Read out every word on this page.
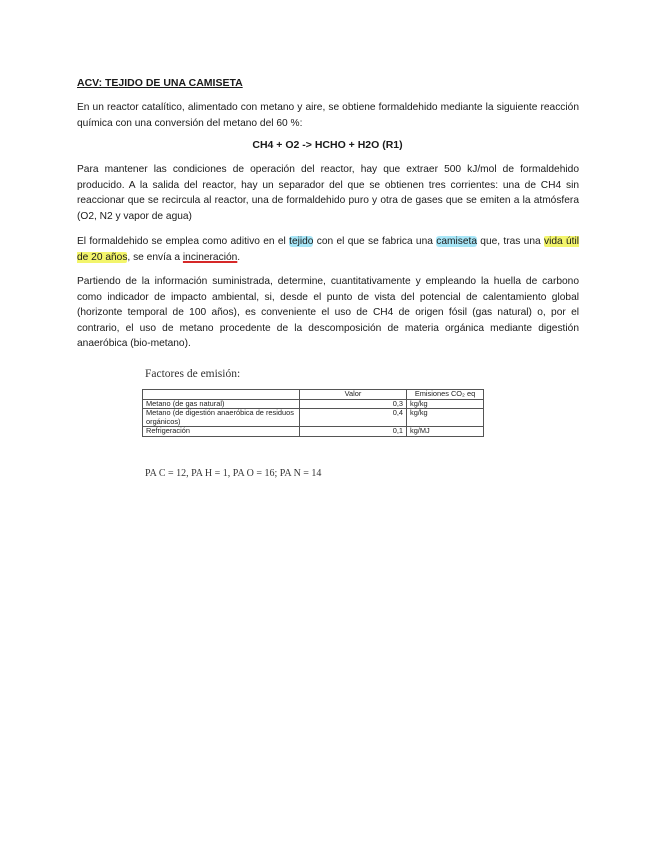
ACV: TEJIDO DE UNA CAMISETA

En un reactor catalítico, alimentado con metano y aire, se obtiene formaldehido mediante la siguiente reacción química con una conversión del metano del 60 %:

CH4 + O2 -> HCHO + H2O (R1)

Para mantener las condiciones de operación del reactor, hay que extraer 500 kJ/mol de formaldehido producido. A la salida del reactor, hay un separador del que se obtienen tres corrientes: una de CH4 sin reaccionar que se recircula al reactor, una de formaldehido puro y otra de gases que se emiten a la atmósfera (O2, N2 y vapor de agua)

El formaldehido se emplea como aditivo en el tejido con el que se fabrica una camiseta que, tras una vida útil de 20 años, se envía a incineración.

Partiendo de la información suministrada, determine, cuantitativamente y empleando la huella de carbono como indicador de impacto ambiental, si, desde el punto de vista del potencial de calentamiento global (horizonte temporal de 100 años), es conveniente el uso de CH4 de origen fósil (gas natural) o, por el contrario, el uso de metano procedente de la descomposición de materia orgánica mediante digestión anaeróbica (bio-metano).

Factores de emisión:
	Valor	Emisiones CO₂ eq
Metano (de gas natural)	0,3	kg/kg
Metano (de digestión anaeróbica de residuos orgánicos)	0,4	kg/kg
Refrigeración	0,1	kg/MJ
PA C = 12, PA H = 1, PA O = 16; PA N = 14
